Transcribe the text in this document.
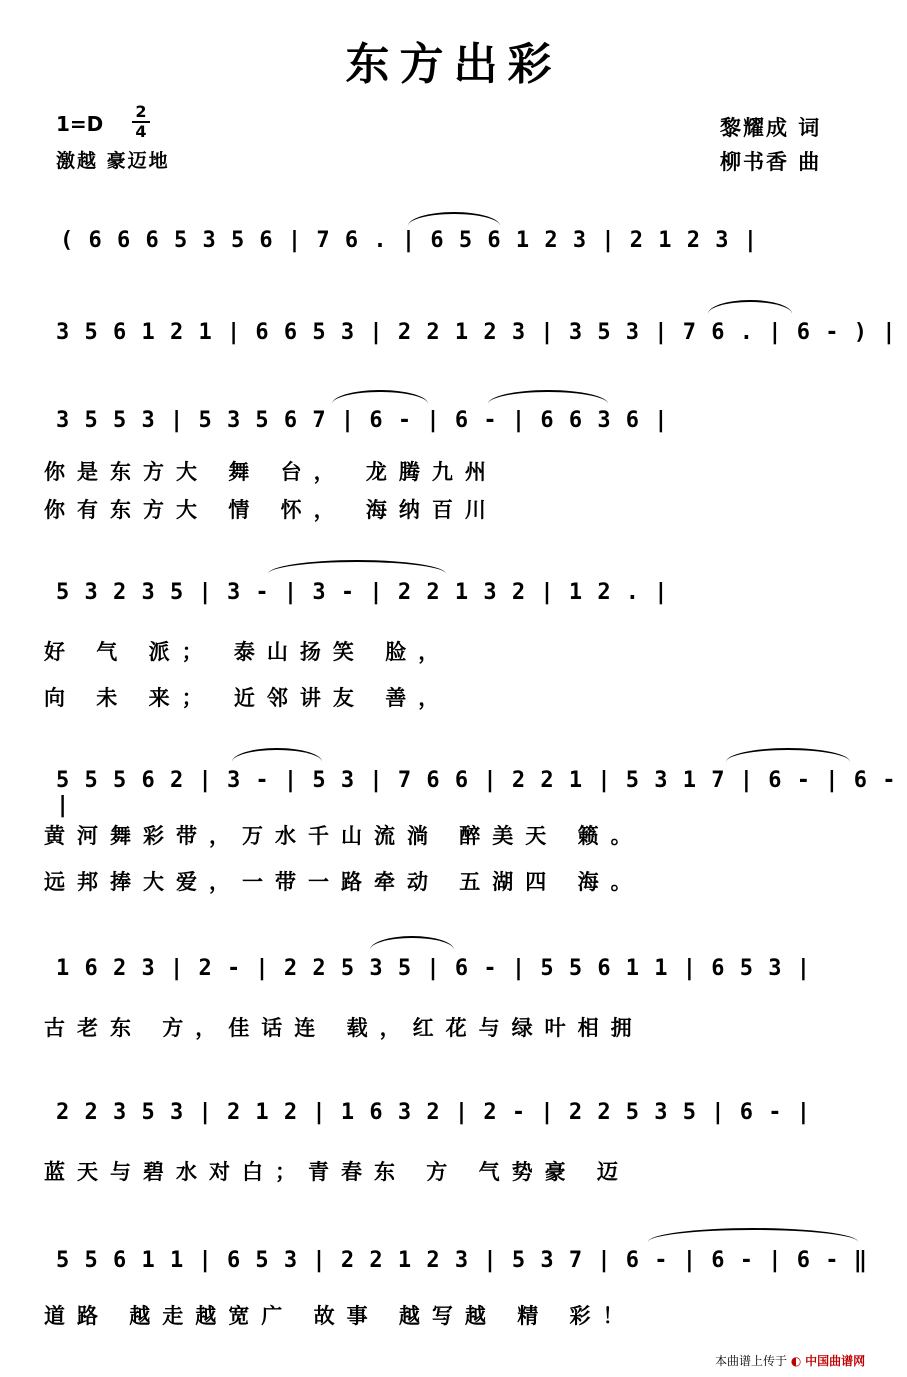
东方出彩
1=D
2
4
激越 豪迈地
黎耀成 词
柳书香 曲
( 6 6 6 5 3 5 6 | 7 6 . | 6 5 6 1 2 3 | 2 1 2 3 |
3 5 6 1 2 1 | 6 6 5 3 | 2 2 1 2 3 | 3 5 3 | 7 6 . | 6 - ) |
3 5 5 3 | 5 3 5 6 7 | 6 - | 6 - | 6 6 3 6 |
你是东方大 舞 台， 龙腾九州
你有东方大 情 怀， 海纳百川
5 3 2 3 5 | 3 - | 3 - | 2 2 1 3 2 | 1 2 . |
好 气 派； 泰山扬笑 脸，
向 未 来； 近邻讲友 善，
5 5 5 6 2 | 3 - | 5 3 | 7 6 6 | 2 2 1 | 5 3 1 7 | 6 - | 6 - |
黄河舞彩带，万水千山流淌 醉美天 籁。
远邦捧大爱，一带一路牵动 五湖四 海。
1 6 2 3 | 2 - | 2 2 5 3 5 | 6 - | 5 5 6 1 1 | 6 5 3 |
古老东 方，佳话连 载，红花与绿叶相拥
2 2 3 5 3 | 2 1 2 | 1 6 3 2 | 2 - | 2 2 5 3 5 | 6 - |
蓝天与碧水对白；青春东 方 气势豪 迈
5 5 6 1 1 | 6 5 3 | 2 2 1 2 3 | 5 3 7 | 6 - | 6 - | 6 - ‖
道路 越走越宽广 故事 越写越 精 彩！
本曲谱上传于 ◐ 中国曲谱网
